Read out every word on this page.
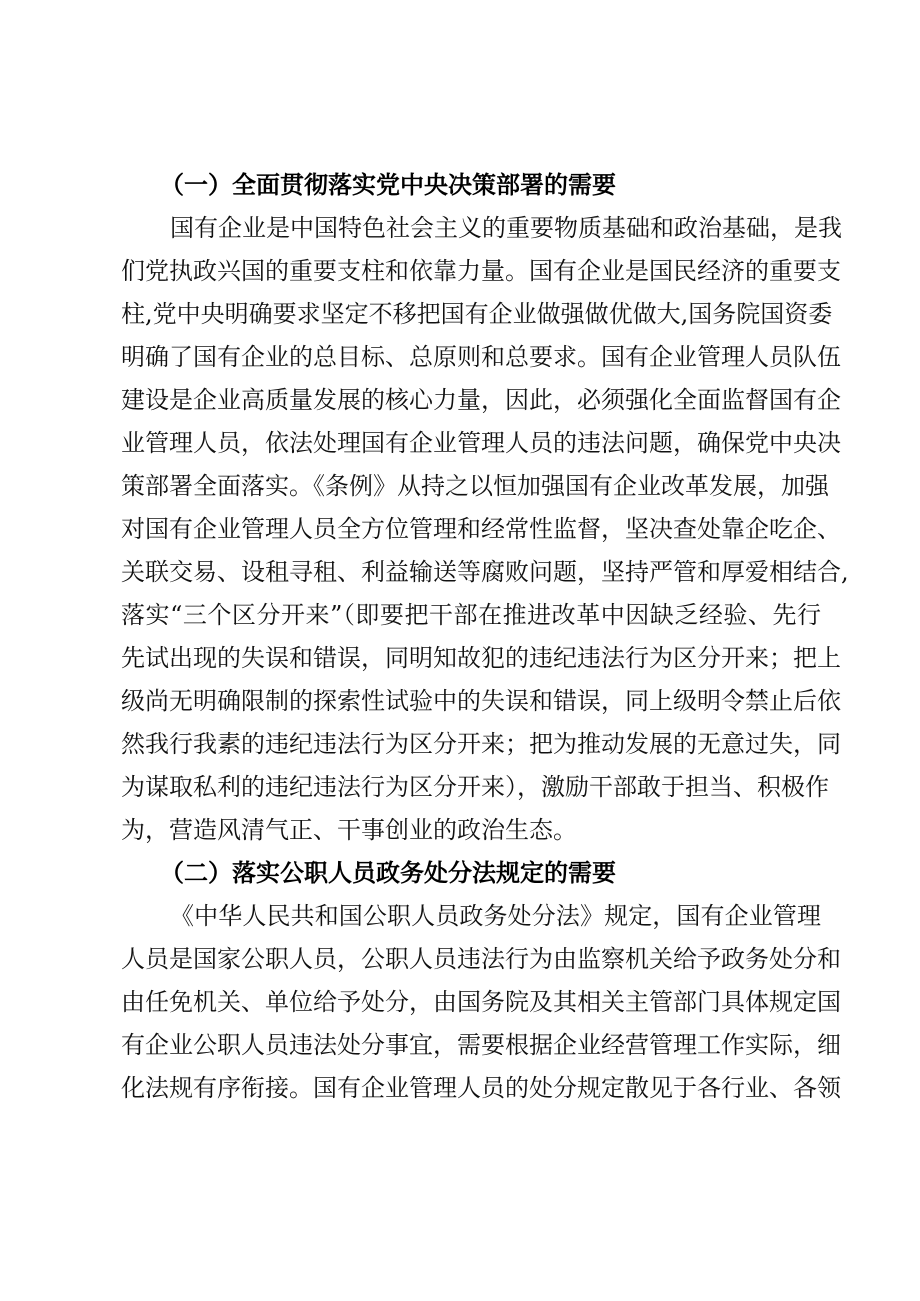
（一）全面贯彻落实党中央决策部署的需要
国有企业是中国特色社会主义的重要物质基础和政治基础，是我
们党执政兴国的重要支柱和依靠力量。国有企业是国民经济的重要支
柱,党中央明确要求坚定不移把国有企业做强做优做大,国务院国资委
明确了国有企业的总目标、总原则和总要求。国有企业管理人员队伍
建设是企业高质量发展的核心力量，因此，必须强化全面监督国有企
业管理人员，依法处理国有企业管理人员的违法问题，确保党中央决
策部署全面落实。《条例》从持之以恒加强国有企业改革发展，加强
对国有企业管理人员全方位管理和经常性监督，坚决查处靠企吃企、
关联交易、设租寻租、利益输送等腐败问题，坚持严管和厚爱相结合,
落实“三个区分开来”（即要把干部在推进改革中因缺乏经验、先行
先试出现的失误和错误，同明知故犯的违纪违法行为区分开来；把上
级尚无明确限制的探索性试验中的失误和错误，同上级明令禁止后依
然我行我素的违纪违法行为区分开来；把为推动发展的无意过失，同
为谋取私利的违纪违法行为区分开来），激励干部敢于担当、积极作
为，营造风清气正、干事创业的政治生态。
（二）落实公职人员政务处分法规定的需要
《中华人民共和国公职人员政务处分法》规定，国有企业管理
人员是国家公职人员，公职人员违法行为由监察机关给予政务处分和
由任免机关、单位给予处分，由国务院及其相关主管部门具体规定国
有企业公职人员违法处分事宜，需要根据企业经营管理工作实际，细
化法规有序衔接。国有企业管理人员的处分规定散见于各行业、各领
